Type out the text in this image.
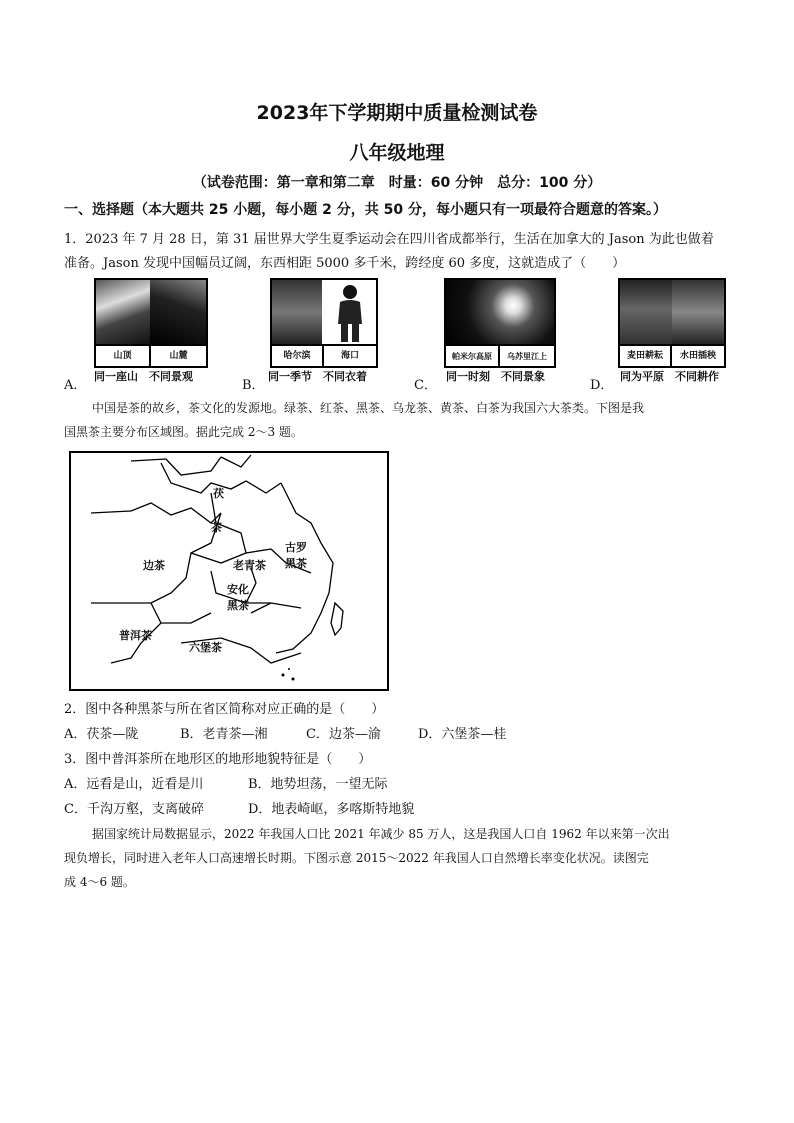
2023年下学期期中质量检测试卷
八年级地理
（试卷范围：第一章和第二章　时量：60 分钟　总分：100 分）
一、选择题（本大题共 25 小题，每小题 2 分，共 50 分，每小题只有一项最符合题意的答案。）
1．2023 年 7 月 28 日，第 31 届世界大学生夏季运动会在四川省成都举行，生活在加拿大的 Jason 为此也做着
准备。Jason 发现中国幅员辽阔，东西相距 5000 多千米，跨经度 60 多度，这就造成了（　　）
A．
山顶	山麓
同一座山　不同景观
B．
哈尔滨	海口
同一季节　不同衣着
C．
帕米尔高原	乌苏里江上
同一时刻　不同景象
D．
麦田耕耘	水田插秧
同为平原　不同耕作
中国是茶的故乡，茶文化的发源地。绿茶、红茶、黑茶、乌龙茶、黄茶、白茶为我国六大茶类。下图是我
国黑茶主要分布区域图。据此完成 2～3 题。
茯
茶
边茶	老青茶
安化
黑茶
古罗
黑茶
普洱茶
六堡茶
2．图中各种黑茶与所在省区简称对应正确的是（　　）
A．茯茶—陇	B．老青茶—湘	C．边茶—渝	D．六堡茶—桂
3．图中普洱茶所在地形区的地形地貌特征是（　　）
A．远看是山，近看是川	B．地势坦荡，一望无际
C．千沟万壑，支离破碎	D．地表崎岖，多喀斯特地貌
据国家统计局数据显示，2022 年我国人口比 2021 年减少 85 万人，这是我国人口自 1962 年以来第一次出
现负增长，同时进入老年人口高速增长时期。下图示意 2015～2022 年我国人口自然增长率变化状况。读图完
成 4～6 题。
